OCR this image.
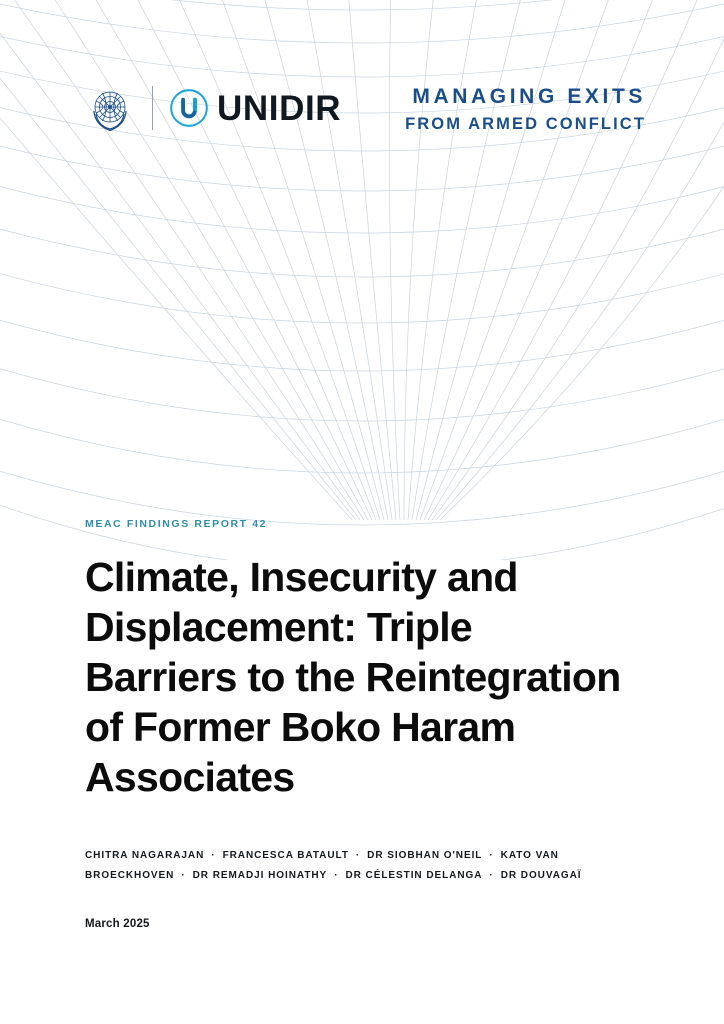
UNIDIR	MANAGING EXITS
FROM ARMED CONFLICT
MEAC FINDINGS REPORT 42
Climate, Insecurity and Displacement: Triple Barriers to the Reintegration of Former Boko Haram Associates
CHITRA NAGARAJAN · FRANCESCA BATAULT · DR SIOBHAN O'NEIL · KATO VAN BROECKHOVEN · DR REMADJI HOINATHY · DR CÉLESTIN DELANGA · DR DOUVAGAÏ
March 2025
